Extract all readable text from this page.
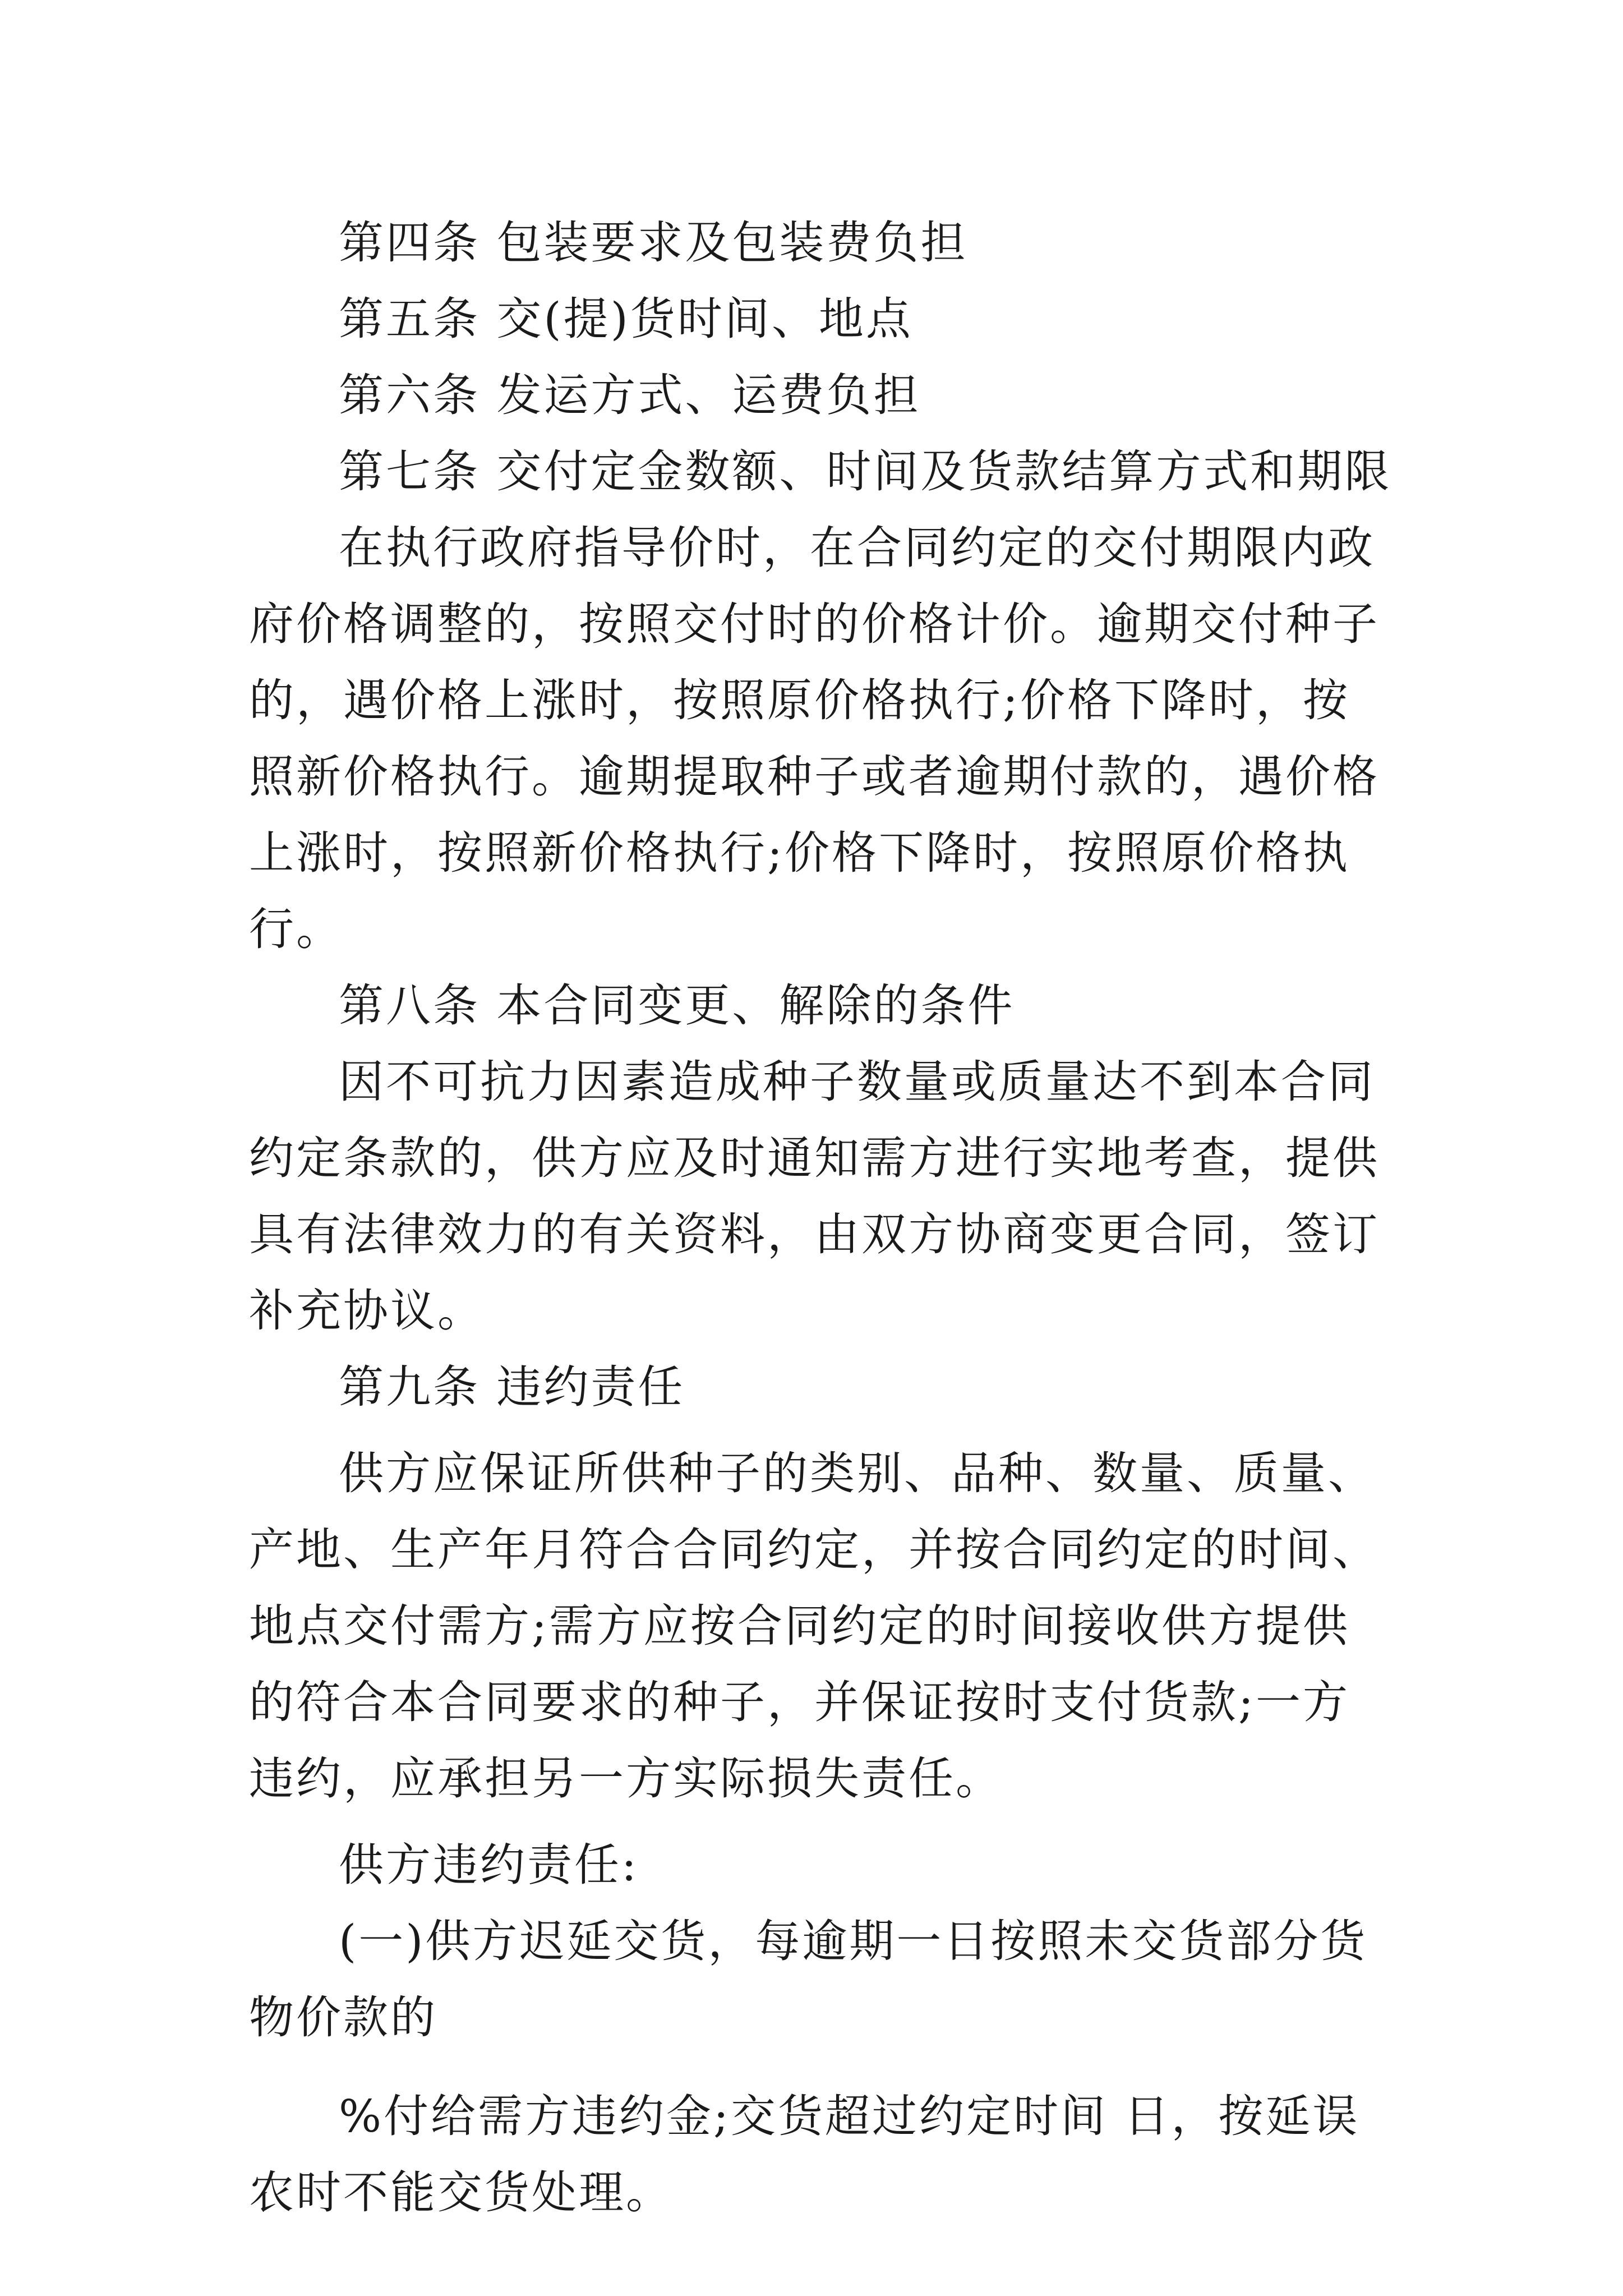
第四条 包装要求及包装费负担

第五条 交(提)货时间、地点

第六条 发运方式、运费负担

第七条 交付定金数额、时间及货款结算方式和期限

在执行政府指导价时，在合同约定的交付期限内政府价格调整的，按照交付时的价格计价。逾期交付种子的，遇价格上涨时，按照原价格执行;价格下降时，按照新价格执行。逾期提取种子或者逾期付款的，遇价格上涨时，按照新价格执行;价格下降时，按照原价格执行。

第八条 本合同变更、解除的条件

因不可抗力因素造成种子数量或质量达不到本合同约定条款的，供方应及时通知需方进行实地考查，提供具有法律效力的有关资料，由双方协商变更合同，签订补充协议。

第九条 违约责任

供方应保证所供种子的类别、品种、数量、质量、产地、生产年月符合合同约定，并按合同约定的时间、地点交付需方;需方应按合同约定的时间接收供方提供的符合本合同要求的种子，并保证按时支付货款;一方违约，应承担另一方实际损失责任。

供方违约责任:

(一)供方迟延交货，每逾期一日按照未交货部分货物价款的

%付给需方违约金;交货超过约定时间 日，按延误农时不能交货处理。
